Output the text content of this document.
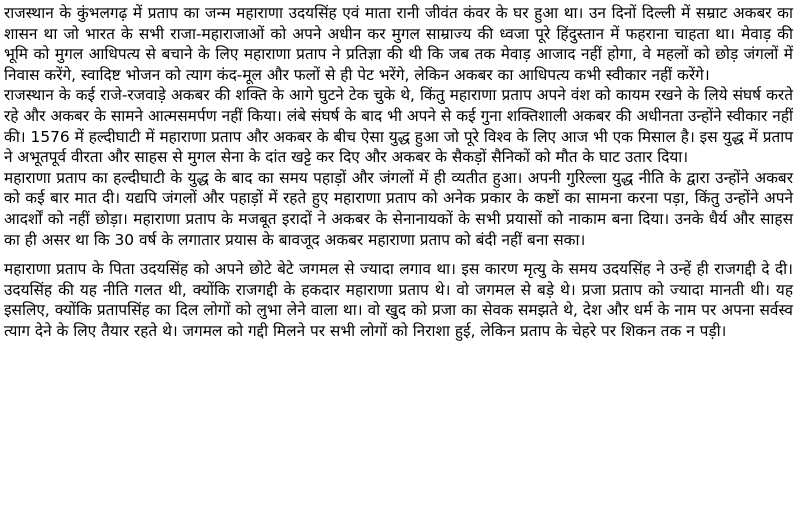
राजस्थान के कुंभलगढ़ में प्रताप का जन्म महाराणा उदयसिंह एवं माता रानी जीवंत कंवर के घर हुआ था। उन दिनों दिल्ली में सम्राट अकबर का शासन था जो भारत के सभी राजा-महाराजाओं को अपने अधीन कर मुगल साम्राज्य की ध्वजा पूरे हिंदुस्तान में फहराना चाहता था। मेवाड़ की भूमि को मुगल आधिपत्य से बचाने के लिए महाराणा प्रताप ने प्रतिज्ञा की थी कि जब तक मेवाड़ आजाद नहीं होगा, वे महलों को छोड़ जंगलों में निवास करेंगे, स्वादिष्ट भोजन को त्याग कंद-मूल और फलों से ही पेट भरेंगे, लेकिन अकबर का आधिपत्य कभी स्वीकार नहीं करेंगे।

राजस्थान के कई राजे-रजवाड़े अकबर की शक्ति के आगे घुटने टेक चुके थे, किंतु महाराणा प्रताप अपने वंश को कायम रखने के लिये संघर्ष करते रहे और अकबर के सामने आत्मसमर्पण नहीं किया। लंबे संघर्ष के बाद भी अपने से कई गुना शक्तिशाली अकबर की अधीनता उन्होंने स्वीकार नहीं की। 1576 में हल्दीघाटी में महाराणा प्रताप और अकबर के बीच ऐसा युद्ध हुआ जो पूरे विश्व के लिए आज भी एक मिसाल है। इस युद्ध में प्रताप ने अभूतपूर्व वीरता और साहस से मुगल सेना के दांत खट्टे कर दिए और अकबर के सैकड़ों सैनिकों को मौत के घाट उतार दिया।

महाराणा प्रताप का हल्दीघाटी के युद्ध के बाद का समय पहाड़ों और जंगलों में ही व्यतीत हुआ। अपनी गुरिल्ला युद्ध नीति के द्वारा उन्होंने अकबर को कई बार मात दी। यद्यपि जंगलों और पहाड़ों में रहते हुए महाराणा प्रताप को अनेक प्रकार के कष्टों का सामना करना पड़ा, किंतु उन्होंने अपने आदर्शों को नहीं छोड़ा। महाराणा प्रताप के मजबूत इरादों ने अकबर के सेनानायकों के सभी प्रयासों को नाकाम बना दिया। उनके धैर्य और साहस का ही असर था कि 30 वर्ष के लगातार प्रयास के बावजूद अकबर महाराणा प्रताप को बंदी नहीं बना सका।

महाराणा प्रताप के पिता उदयसिंह को अपने छोटे बेटे जगमल से ज्यादा लगाव था। इस कारण मृत्यु के समय उदयसिंह ने उन्हें ही राजगद्दी दे दी। उदयसिंह की यह नीति गलत थी, क्योंकि राजगद्दी के हकदार महाराणा प्रताप थे। वो जगमल से बड़े थे। प्रजा प्रताप को ज्यादा मानती थी। यह इसलिए, क्योंकि प्रतापसिंह का दिल लोगों को लुभा लेने वाला था। वो खुद को प्रजा का सेवक समझते थे, देश और धर्म के नाम पर अपना सर्वस्व त्याग देने के लिए तैयार रहते थे। जगमल को गद्दी मिलने पर सभी लोगों को निराशा हुई, लेकिन प्रताप के चेहरे पर शिकन तक न पड़ी।
